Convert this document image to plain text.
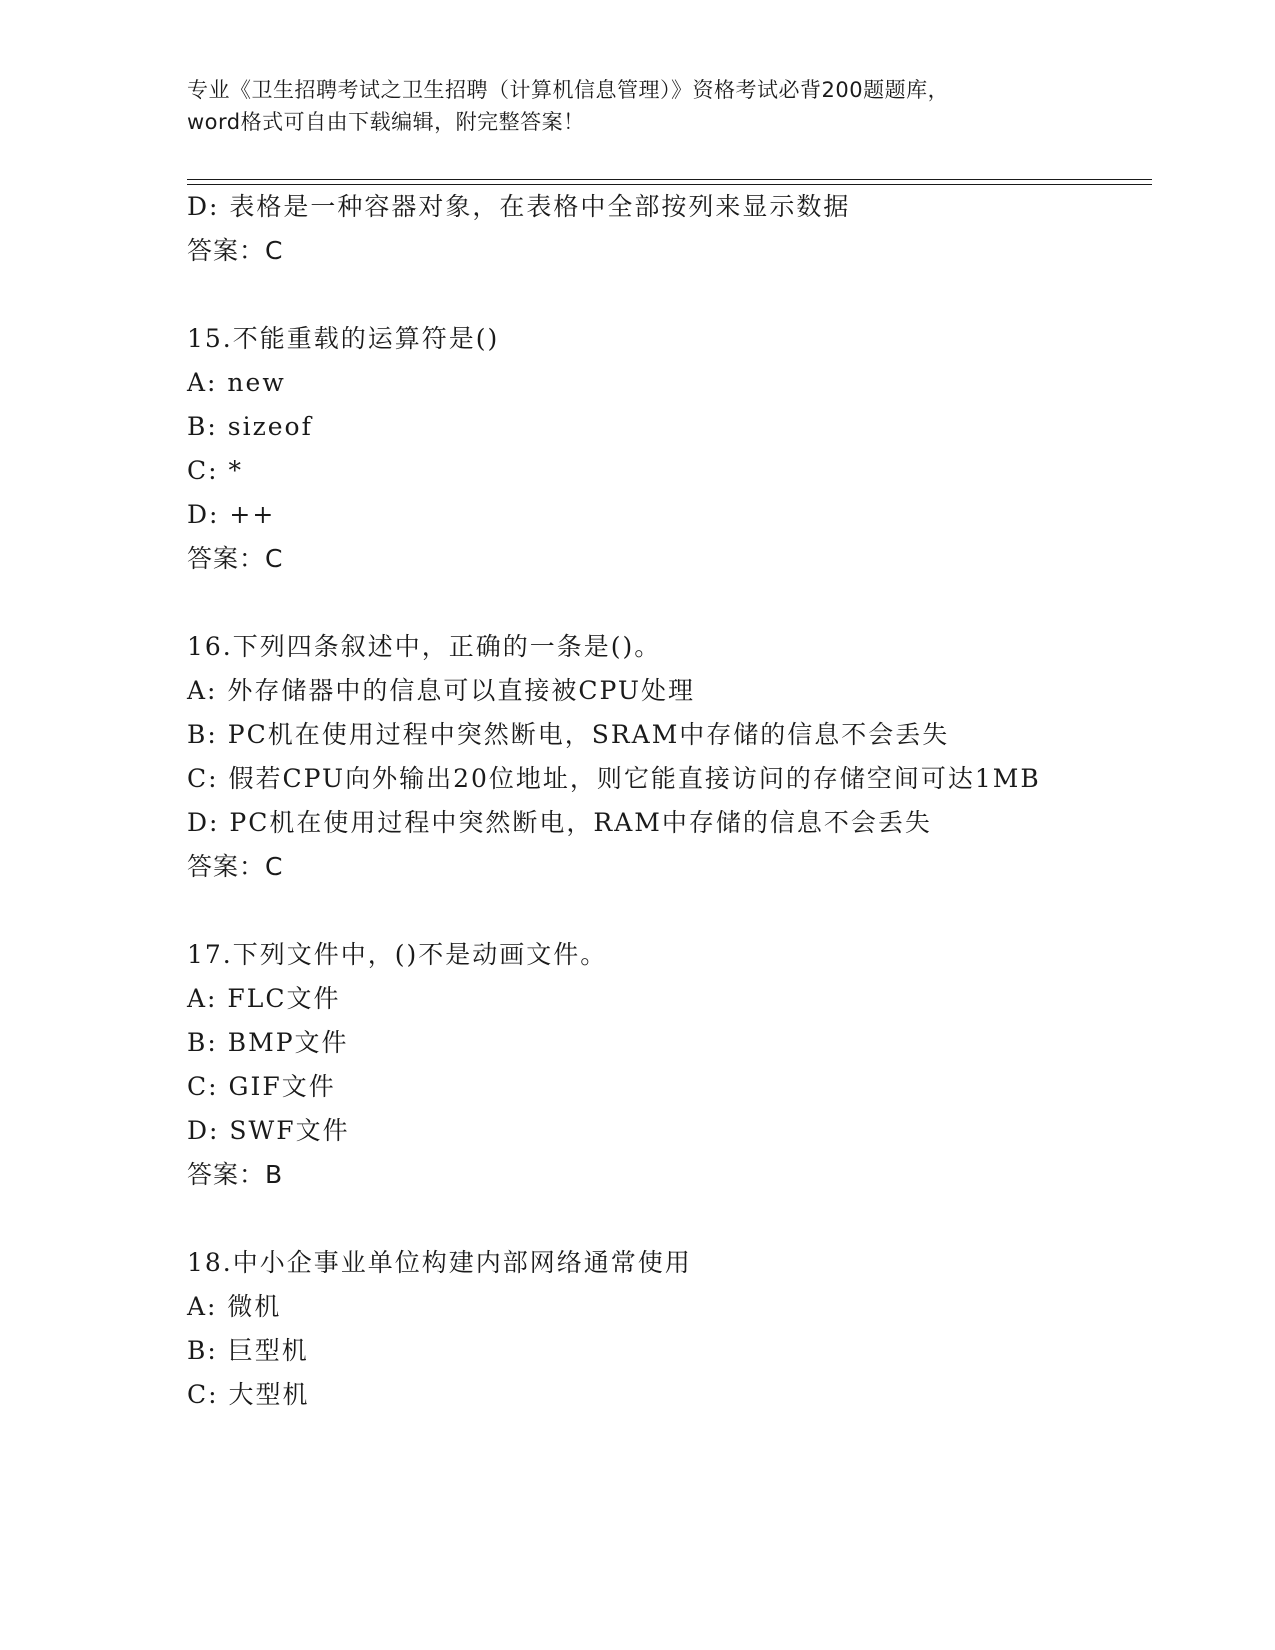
专业《卫生招聘考试之卫生招聘（计算机信息管理）》资格考试必背200题题库，
word格式可自由下载编辑，附完整答案！
D: 表格是一种容器对象，在表格中全部按列来显示数据
答案：C
15.不能重载的运算符是()
A: new
B: sizeof
C: *
D: ++
答案：C
16.下列四条叙述中，正确的一条是()。
A: 外存储器中的信息可以直接被CPU处理
B: PC机在使用过程中突然断电，SRAM中存储的信息不会丢失
C: 假若CPU向外输出20位地址，则它能直接访问的存储空间可达1MB
D: PC机在使用过程中突然断电，RAM中存储的信息不会丢失
答案：C
17.下列文件中，()不是动画文件。
A: FLC文件
B: BMP文件
C: GIF文件
D: SWF文件
答案：B
18.中小企事业单位构建内部网络通常使用
A: 微机
B: 巨型机
C: 大型机
